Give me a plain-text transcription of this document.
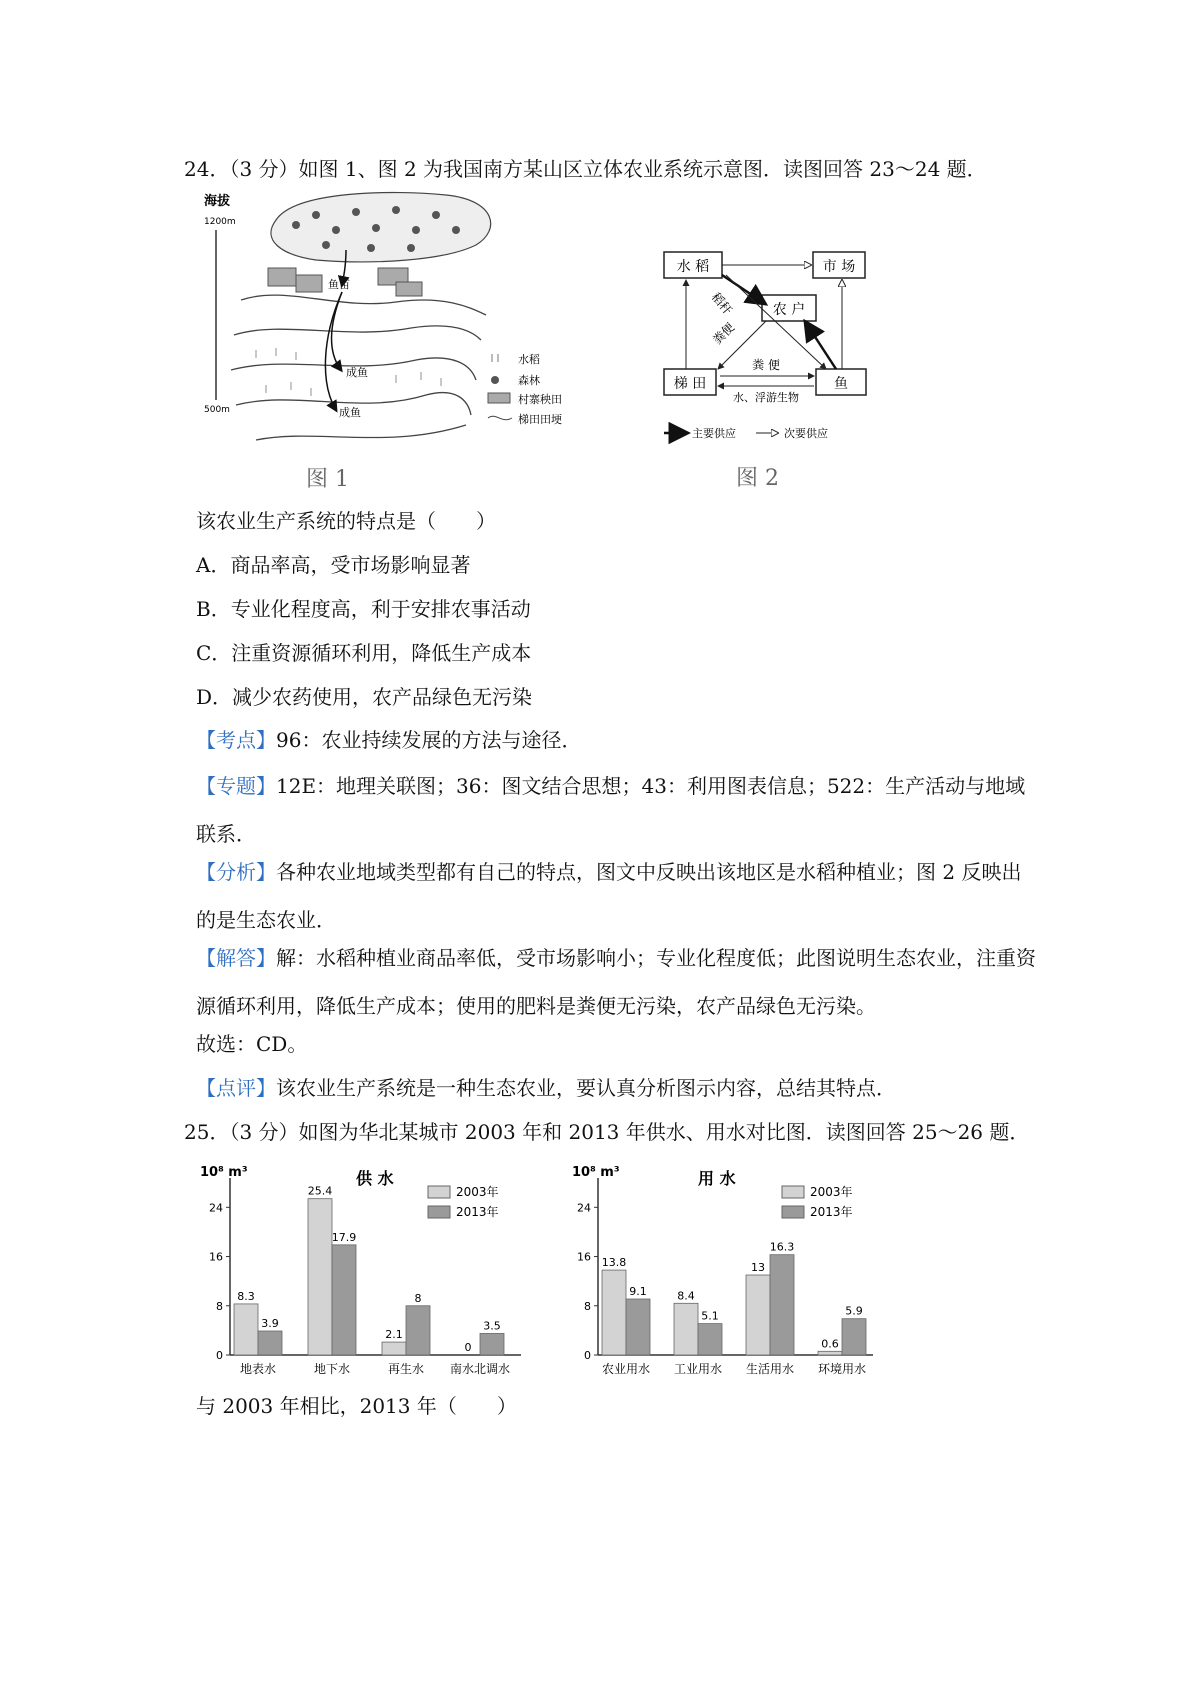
24．（3 分）如图 1、图 2 为我国南方某山区立体农业系统示意图．读图回答 23～24 题．
海拔
1200m
500m
鱼苗
成鱼
成鱼
水稻
森林
村寨秧田
梯田田埂
图 1
水 稻	市 场
农 户
梯 田	鱼
稻秆
粪便
粪 便
水、浮游生物
主要供应	次要供应
图 2
该农业生产系统的特点是（　　）
A．商品率高，受市场影响显著
B．专业化程度高，利于安排农事活动
C．注重资源循环利用，降低生产成本
D．减少农药使用，农产品绿色无污染
【考点】96：农业持续发展的方法与途径．
【专题】12E：地理关联图；36：图文结合思想；43：利用图表信息；522：生产活动与地域联系．
【分析】各种农业地域类型都有自己的特点，图文中反映出该地区是水稻种植业；图 2 反映出的是生态农业．
【解答】解：水稻种植业商品率低，受市场影响小；专业化程度低；此图说明生态农业，注重资源循环利用，降低生产成本；使用的肥料是粪便无污染，农产品绿色无污染。
故选：CD。
【点评】该农业生产系统是一种生态农业，要认真分析图示内容，总结其特点．
25．（3 分）如图为华北某城市 2003 年和 2013 年供水、用水对比图．读图回答 25～26 题．
10⁸ m³	供 水
0
8
16
24
8.3
3.9
地表水
25.4
17.9
地下水
2.1
8
再生水
0
3.5
南水北调水
2003年
2013年
10⁸ m³	用 水
0
8
16
24
13.8
9.1
农业用水
8.4
5.1
工业用水
13
16.3
生活用水
0.6
5.9
环境用水
2003年
2013年
与 2003 年相比，2013 年（　　）
